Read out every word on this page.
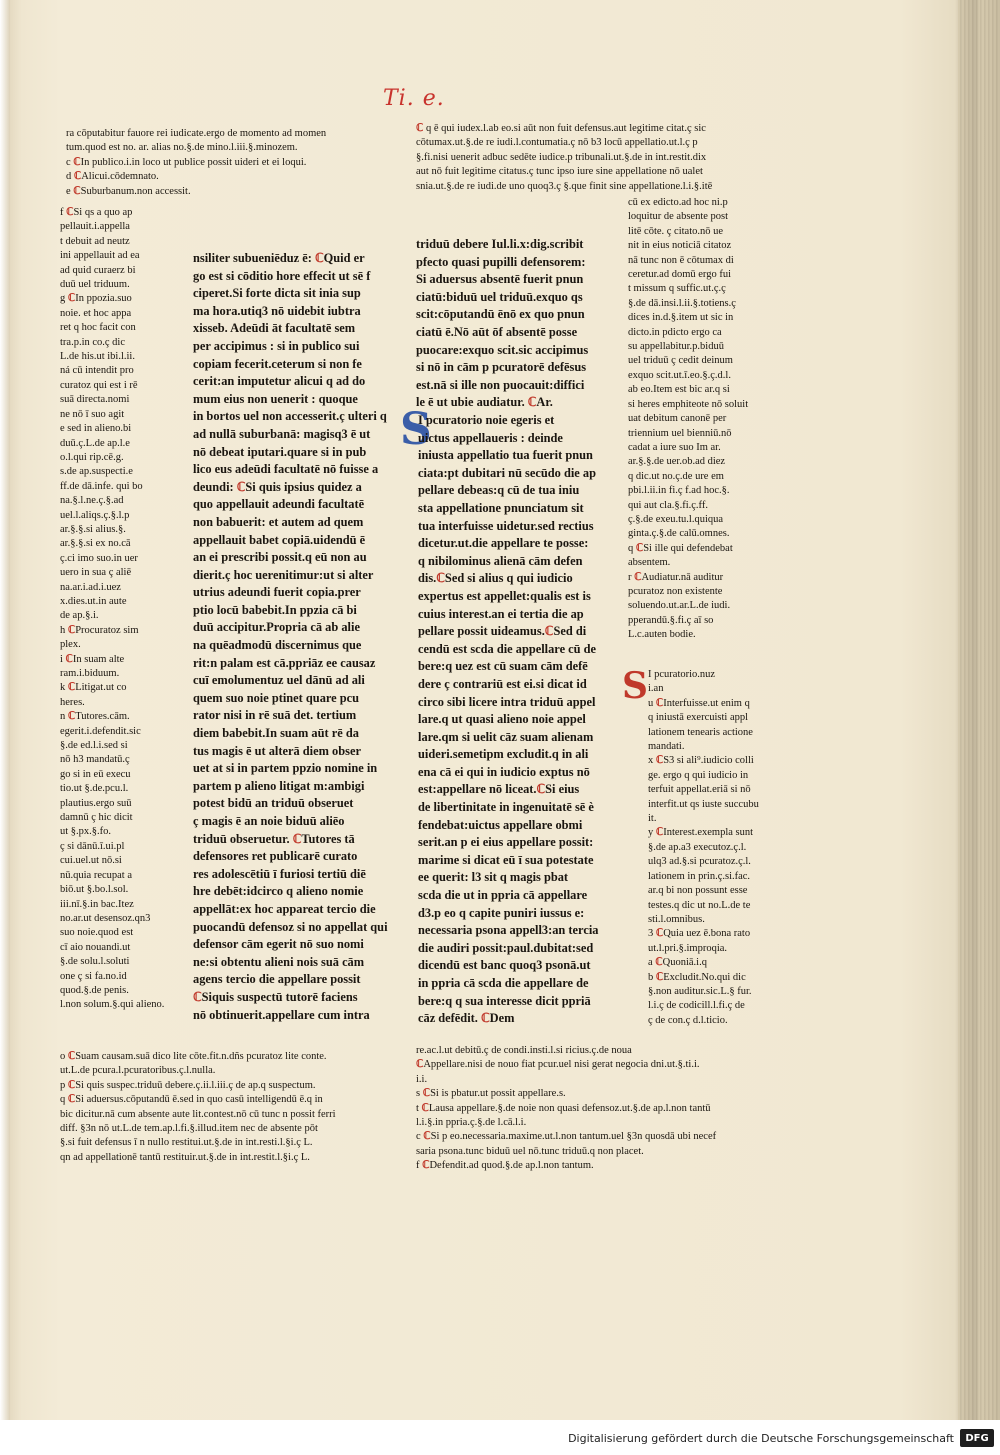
Ti. e.
ra cōputabitur fauore rei iudicate.ergo de momento ad momen
tum.quod est no. ar. alias no.§.de mino.l.iii.§.minozem.
c ℂIn publico.i.in loco ut publice possit uideri et ei loqui.
d ℂAlicui.cōdemnato.
e ℂSuburbanum.non accessit.
f ℂSi qs a quo ap
pellauit.i.appella
t debuit ad neutz
ini appellauit ad ea
ad quid curaerz bi
duū uel triduum.
g ℂIn ppozia.suo
noie. et hoc appa
ret q hoc facit con
tra.p.in co.ç dic
L.de his.ut ibi.l.ii.
ná cū intendit pro
curatoz qui est i rē
suā directa.nomi
ne nō ī suo agit
e sed in alieno.bi
duū.ç.L.de ap.l.e
o.l.qui rip.cē.g.
s.de ap.suspecti.e
ff.de dā.infe. qui bo
na.§.l.ne.ç.§.ad
uel.l.aliqs.ç.§.l.p
ar.§.§.si alius.§.
ar.§.§.si ex no.cā
ç.ci imo suo.in uer
uero in sua ç aliē
na.ar.i.ad.i.uez
x.dies.ut.in aute
de ap.§.i.
h ℂProcuratoz sim
plex.
i ℂIn suam alte
ram.i.biduum.
k ℂLitigat.ut co
heres.
n ℂTutores.cām.
egerit.i.defendit.sic
§.de ed.l.i.sed si
nō h3 mandatū.ç
go si in eū execu
tio.ut §.de.pcu.l.
plautius.ergo suū
damnū ç hic dicit
ut §.px.§.fo.
ç si dānū.ī.ui.pl
cui.uel.ut nō.si
nū.quia recupat a
biō.ut §.bo.l.sol.
iii.nī.§.in bac.Itez
no.ar.ut desensoz.qn3
suo noie.quod est
cī aio nouandi.ut
§.de solu.l.soluti
one ç si fa.no.id
quod.§.de penis.
l.non solum.§.qui alieno.
nsiliter subueniēduz ē: ℂQuid er
go est si cōditio hore effecit ut sē f
ciperet.Si forte dicta sit inia sup
ma hora.utiq3 nō uidebit iubtra
xisseb. Adeūdi āt facultatē sem
per accipimus : si in publico sui
copiam fecerit.ceterum si non fe
cerit:an imputetur alicui q ad do
mum eius non uenerit : quoque
in bortos uel non accesserit.ç ulteri q
ad nullā suburbanā: magisq3 ē ut
nō debeat iputari.quare si in pub
lico eus adeūdi facultatē nō fuisse a
deundi: ℂSi quis ipsius quidez a
quo appellauit adeundi facultatē
non babuerit: et autem ad quem
appellauit babet copiā.uidendū ē
an ei prescribi possit.q eū non au
dierit.ç hoc uerenitimur:ut si alter
utrius adeundi fuerit copia.prer
ptio locū babebit.In ppzia cā bi
duū accipitur.Propria cā ab alie
na quēadmodū discernimus que
rit:n palam est cā.ppriāz ee causaz
cuī emolumentuz uel dānū ad ali
quem suo noie ptinet quare pcu
rator nisi in rē suā det. tertium
diem babebit.In suam aūt rē da
tus magis ē ut alterā diem obser
uet at si in partem ppzio nomine in
partem p alieno litigat m:ambigi
potest bidū an triduū obseruet
ç magis ē an noie biduū aliēo
triduū obseruetur. ℂTutores tā
defensores ret publicarē curato
res adolescētiū ī furiosi tertiū diē
hre debēt:idcirco q alieno nomie
appellāt:ex hoc appareat tercio die
puocandū defensoz si no appellat qui
defensor cām egerit nō suo nomi
ne:si obtentu alieni nois suā cām
agens tercio die appellare possit
ℂSiquis suspectū tutorē faciens
nō obtinuerit.appellare cum intra
triduū debere Iul.li.x:dig.scribit
pfecto quasi pupilli defensorem:
Si aduersus absentē fuerit pnun
ciatū:biduū uel triduū.exquo qs
scit:cōputandū ēnō ex quo pnun
ciatū ē.Nō aūt ōf absentē posse
puocare:exquo scit.sic accipimus
si nō in cām p pcuratorē defēsus
est.nā si ille non puocauit:diffici
le ē ut ubie audiatur. ℂAr.
S
I pcuratorio noie egeris et
uictus appellaueris : deinde
iniusta appellatio tua fuerit pnun
ciata:pt dubitari nū secūdo die ap
pellare debeas:q cū de tua iniu
sta appellatione pnunciatum sit
tua interfuisse uidetur.sed rectius
dicetur.ut.die appellare te posse:
q nibilominus alienā cām defen
dis.ℂSed si alius q qui iudicio
expertus est appellet:qualis est is
cuius interest.an ei tertia die ap
pellare possit uideamus.ℂSed di
cendū est scda die appellare cū de
bere:q uez est cū suam cām defē
dere ç contrariū est ei.si dicat id
circo sibi licere intra triduū appel
lare.q ut quasi alieno noie appel
lare.qm si uelit cāz suam alienam
uideri.semetipm excludit.q in ali
ena cā ei qui in iudicio exptus nō
est:appellare nō liceat.ℂSi eius
de libertinitate in ingenuitatē sē è
fendebat:uictus appellare obmi
serit.an p ei eius appellare possit:
marime si dicat eū ī sua potestate
ee querit: l3 sit q magis pbat
scda die ut in ppria cā appellare
d3.p eo q capite puniri iussus e:
necessaria psona appell3:an tercia
die audiri possit:paul.dubitat:sed
dicendū est banc quoq3 psonā.ut
in ppria cā scda die appellare de
bere:q q sua interesse dicit ppriā
cāz defēdit. ℂDem
ℂ q ē qui iudex.l.ab eo.si aūt non fuit defensus.aut legitime citat.ç sic
cōtumax.ut.§.de re iudi.l.contumatia.ç nō b3 locū appellatio.ut.l.ç p
§.fi.nisi uenerit adbuc sedēte iudice.p tribunali.ut.§.de in int.restit.dix
aut nō fuit legitime citatus.ç tunc ipso iure sine appellatione nō ualet
snia.ut.§.de re iudi.de uno quoq3.ç §.que finit sine appellatione.l.i.§.itē
cū ex edicto.ad hoc ni.p
loquitur de absente post
litē cōte. ç citato.nō ue
nit in eius noticiā citatoz
nā tunc non ē cōtumax di
ceretur.ad domū ergo fui
t missum q suffic.ut.ç.ç
§.de dā.insi.l.ii.§.totiens.ç
dices in.d.§.item ut sic in
dicto.in pdicto ergo ca
su appellabitur.p.biduū
uel triduū ç cedit deinum
exquo scit.ut.ī.eo.§.ç.d.l.
ab eo.Item est bic ar.q si
si heres emphiteote nō soluit
uat debitum canonē per
triennium uel bienniū.nō
cadat a iure suo Im ar.
ar.§.§.de uer.ob.ad diez
q dic.ut no.ç.de ure em
pbi.l.ii.in fi.ç f.ad hoc.§.
qui aut cla.§.fi.ç.ff.
ç.§.de exeu.tu.l.quiqua
ginta.ç.§.de calū.omnes.
q ℂSi ille qui defendebat
absentem.
r ℂAudiatur.nā auditur
pcuratoz non existente
soluendo.ut.ar.L.de iudi.
pperandū.§.fi.ç aī so
L.c.auten bodie.
S I pcuratorio.nuz
i.an
u ℂInterfuisse.ut enim q
q iniustā exercuisti appl
lationem tenearis actione
mandati.
x ℂS3 si ali⁹.iudicio colli
ge. ergo q qui iudicio in
terfuit appellat.eriā si nō
interfit.ut qs iuste succubu
it.
y ℂInterest.exempla sunt
§.de ap.a3 executoz.ç.l.
ulq3 ad.§.si pcuratoz.ç.l.
lationem in prin.ç.si.fac.
ar.q bi non possunt esse
testes.q dic ut no.L.de te
sti.l.omnibus.
3 ℂQuia uez ē.bona rato
ut.l.pri.§.improqia.
a ℂQuoniā.i.q
b ℂExcludit.No.qui dic
§.non auditur.sic.L.§ fur.
l.i.ç de codicill.l.fi.ç de
ç de con.ç d.l.ticio.
o ℂSuam causam.suā dico lite cōte.fit.n.dñs pcuratoz lite conte.
ut.L.de pcura.l.pcuratoribus.ç.l.nulla.
p ℂSi quis suspec.triduū debere.ç.ii.l.iii.ç de ap.q suspectum.
q ℂSi aduersus.cōputandū ē.sed in quo casū intelligendū ē.q in
bic dicitur.nā cum absente aute lit.contest.nō cū tunc n possit ferri
diff. §3n nō ut.L.de tem.ap.l.fi.§.illud.item nec de absente pōt
§.si fuit defensus ī n nullo restitui.ut.§.de in int.resti.l.§i.ç L.
qn ad appellationē tantū restituir.ut.§.de in int.restit.l.§i.ç L.
re.ac.l.ut debitū.ç de condi.insti.l.si ricius.ç.de noua
ℂAppellare.nisi de nouo fiat pcur.uel nisi gerat negocia dni.ut.§.ti.i.
i.i.
s ℂSi is pbatur.ut possit appellare.s.
t ℂLausa appellare.§.de noie non quasi defensoz.ut.§.de ap.l.non tantū
l.i.§.in ppria.ç.§.de l.cā.l.i.
c ℂSi p eo.necessaria.maxime.ut.l.non tantum.uel §3n quosdā ubi necef
saria psona.tunc biduū uel nō.tunc triduū.q non placet.
f ℂDefendit.ad quod.§.de ap.l.non tantum.
Digitalisierung gefördert durch die Deutsche Forschungsgemeinschaft	DFG
